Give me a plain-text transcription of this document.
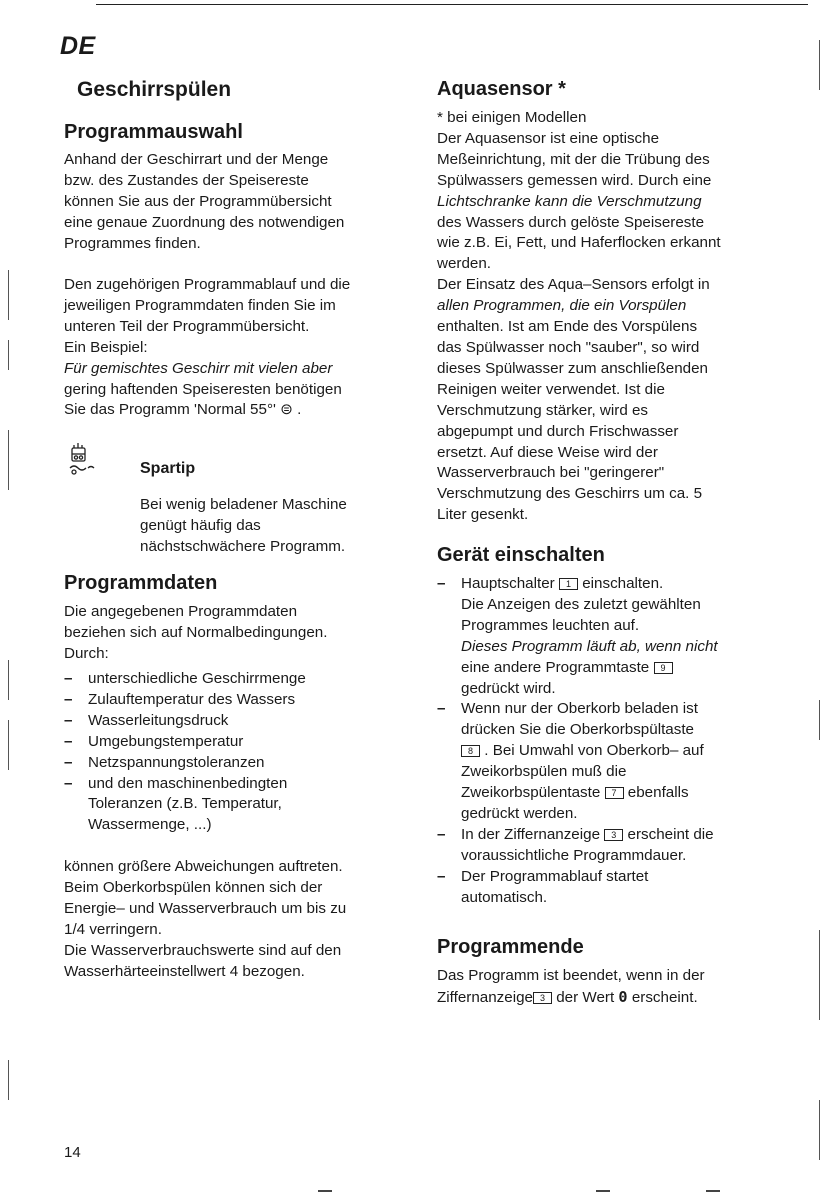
DE
Geschirrspülen
Programmauswahl
Anhand der Geschirrart und der Menge
bzw. des Zustandes der Speisereste
können Sie aus der Programmübersicht
eine genaue Zuordnung des notwendigen
Programmes finden.
Den zugehörigen Programmablauf und die
jeweiligen Programmdaten finden Sie im
unteren Teil der Programmübersicht.
Ein Beispiel:
Für gemischtes Geschirr mit vielen aber
gering haftenden Speiseresten benötigen
Sie das Programm 'Normal 55°' ⊜ .
Spartip
Bei wenig beladener Maschine
genügt häufig das
nächstschwächere Programm.
Programmdaten
Die angegebenen Programmdaten
beziehen sich auf Normalbedingungen.
Durch:
– unterschiedliche Geschirrmenge
– Zulauftemperatur des Wassers
– Wasserleitungsdruck
– Umgebungstemperatur
– Netzspannungstoleranzen
– und den maschinenbedingten
Toleranzen (z.B. Temperatur,
Wassermenge, ...)
können größere Abweichungen auftreten.
Beim Oberkorbspülen können sich der
Energie– und Wasserverbrauch um bis zu
1/4 verringern.
Die Wasserverbrauchswerte sind auf den
Wasserhärteeinstellwert 4 bezogen.
Aquasensor *
* bei einigen Modellen
Der Aquasensor ist eine optische
Meßeinrichtung, mit der die Trübung des
Spülwassers gemessen wird. Durch eine
Lichtschranke kann die Verschmutzung
des Wassers durch gelöste Speisereste
wie z.B. Ei, Fett, und Haferflocken erkannt
werden.
Der Einsatz des Aqua–Sensors erfolgt in
allen Programmen, die ein Vorspülen
enthalten. Ist am Ende des Vorspülens
das Spülwasser noch "sauber", so wird
dieses Spülwasser zum anschließenden
Reinigen weiter verwendet. Ist die
Verschmutzung stärker, wird es
abgepumpt und durch Frischwasser
ersetzt. Auf diese Weise wird der
Wasserverbrauch bei "geringerer"
Verschmutzung des Geschirrs um ca. 5
Liter gesenkt.
Gerät einschalten
– Hauptschalter 1 einschalten.
Die Anzeigen des zuletzt gewählten
Programmes leuchten auf.
Dieses Programm läuft ab, wenn nicht
eine andere Programmtaste 9
gedrückt wird.
– Wenn nur der Oberkorb beladen ist
drücken Sie die Oberkorbspültaste
8 . Bei Umwahl von Oberkorb– auf
Zweikorbspülen muß die
Zweikorbspülentaste 7 ebenfalls
gedrückt werden.
– In der Ziffernanzeige 3 erscheint die
voraussichtliche Programmdauer.
– Der Programmablauf startet
automatisch.
Programmende
Das Programm ist beendet, wenn in der
Ziffernanzeige 3 der Wert 0 erscheint.
14
